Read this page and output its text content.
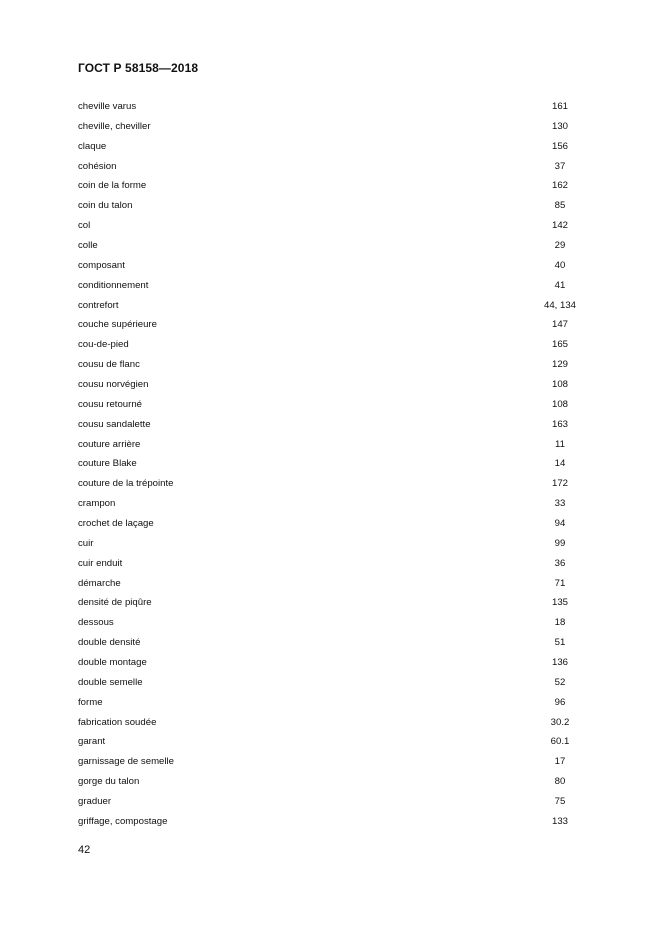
ГОСТ Р 58158—2018
cheville varus	161
cheville, cheviller	130
claque	156
cohésion	37
coin de la forme	162
coin du talon	85
col	142
colle	29
composant	40
conditionnement	41
contrefort	44, 134
couche supérieure	147
cou-de-pied	165
cousu de flanc	129
cousu norvégien	108
cousu retourné	108
cousu sandalette	163
couture arrière	11
couture Blake	14
couture de la trépointe	172
crampon	33
crochet de laçage	94
cuir	99
cuir enduit	36
démarche	71
densité de piqûre	135
dessous	18
double densité	51
double montage	136
double semelle	52
forme	96
fabrication soudée	30.2
garant	60.1
garnissage de semelle	17
gorge du talon	80
graduer	75
griffage, compostage	133
42
